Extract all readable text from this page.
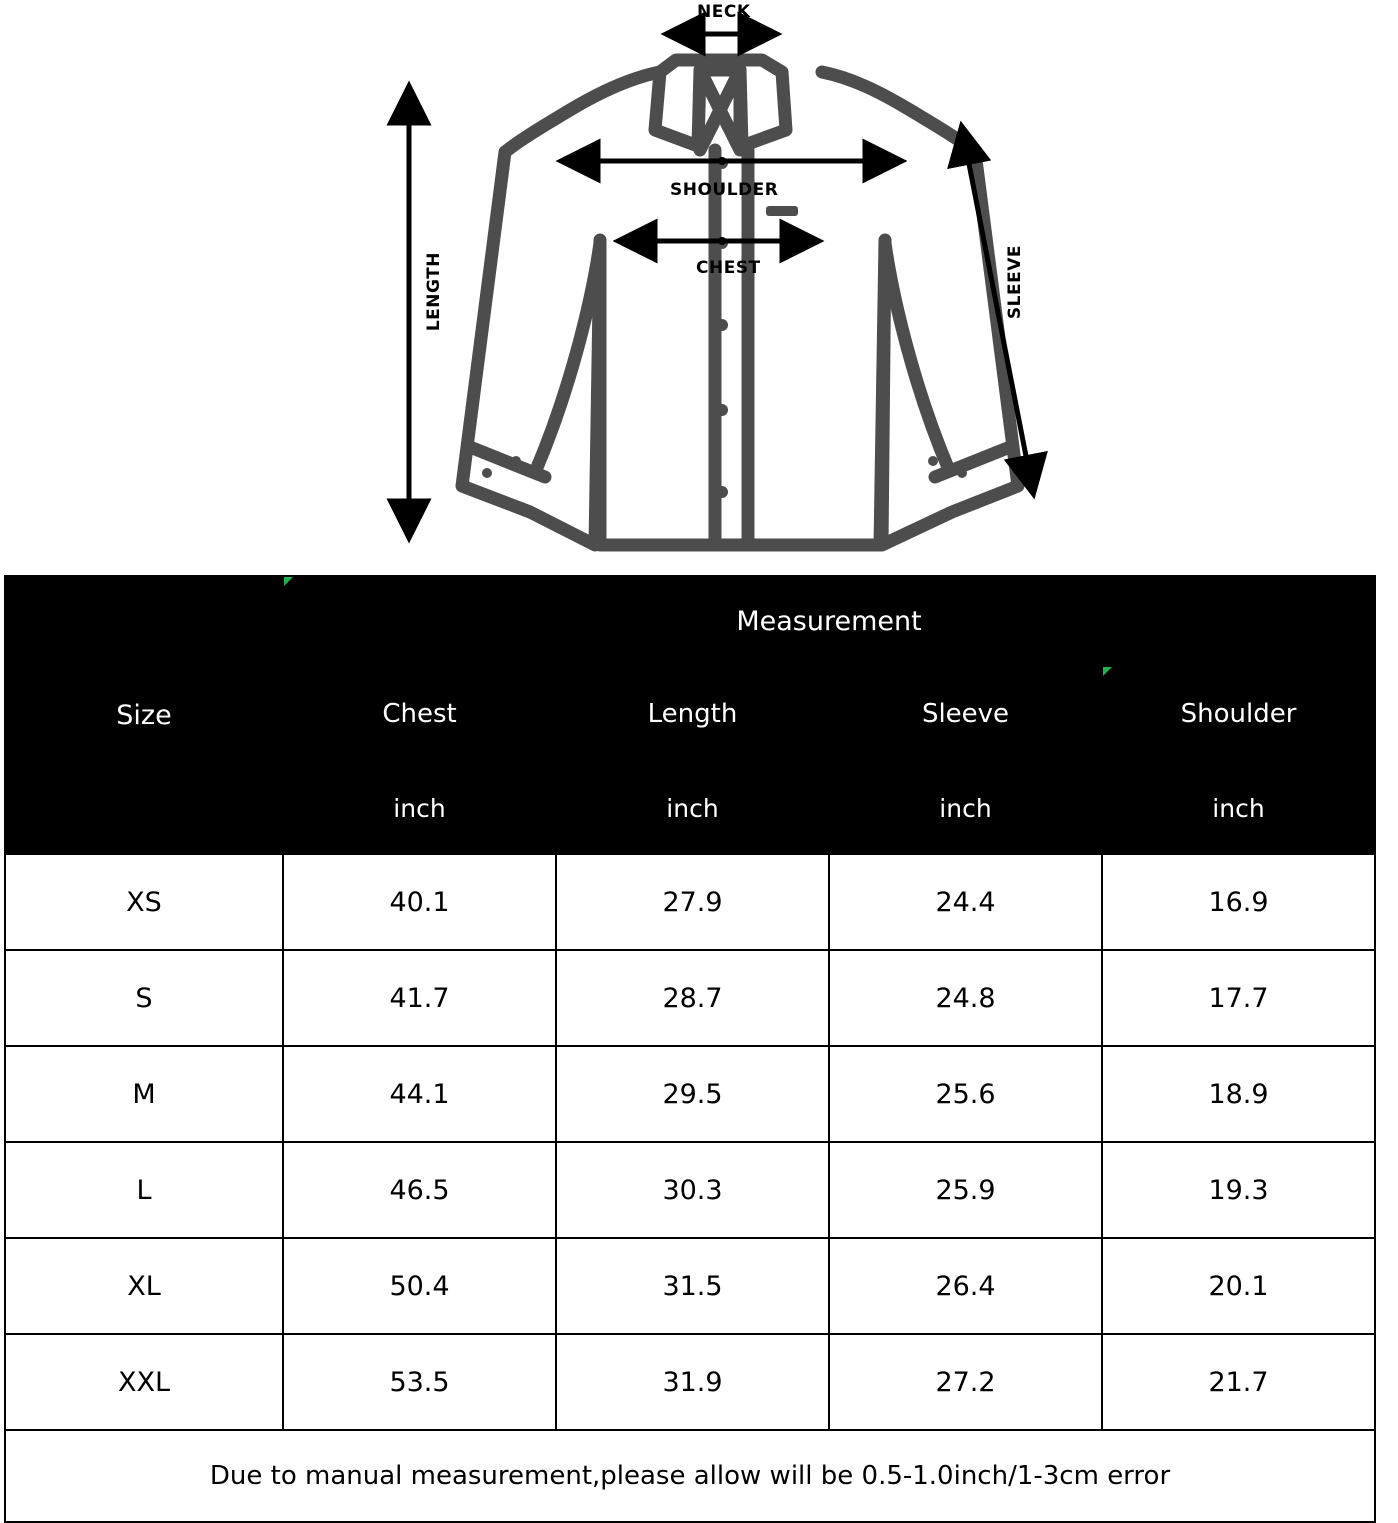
NECK
SHOULDER
CHEST
LENGTH	SLEEVE
Size	Measurement			
	Chest	Length	Sleeve	Shoulder
	inch	inch	inch	inch
XS	40.1	27.9	24.4	16.9
S	41.7	28.7	24.8	17.7
M	44.1	29.5	25.6	18.9
L	46.5	30.3	25.9	19.3
XL	50.4	31.5	26.4	20.1
XXL	53.5	31.9	27.2	21.7
Due to manual measurement,please allow will be 0.5-1.0inch/1-3cm error				
